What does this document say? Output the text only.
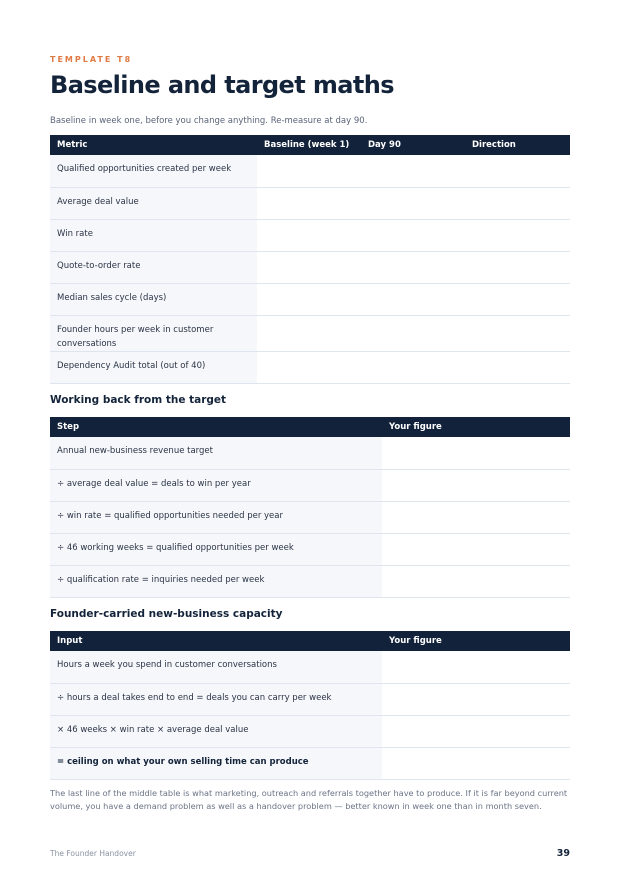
TEMPLATE T8
Baseline and target maths
Baseline in week one, before you change anything. Re-measure at day 90.
Metric	Baseline (week 1)	Day 90	Direction
Qualified opportunities created per week			
Average deal value			
Win rate			
Quote-to-order rate			
Median sales cycle (days)			
Founder hours per week in customer conversations			
Dependency Audit total (out of 40)			
Working back from the target
Step	Your figure
Annual new-business revenue target	
÷ average deal value = deals to win per year	
÷ win rate = qualified opportunities needed per year	
÷ 46 working weeks = qualified opportunities per week	
÷ qualification rate = inquiries needed per week	
Founder-carried new-business capacity
Input	Your figure
Hours a week you spend in customer conversations	
÷ hours a deal takes end to end = deals you can carry per week	
× 46 weeks × win rate × average deal value	
= ceiling on what your own selling time can produce	
The last line of the middle table is what marketing, outreach and referrals together have to produce. If it is far beyond current volume, you have a demand problem as well as a handover problem — better known in week one than in month seven.
The Founder Handover	39
